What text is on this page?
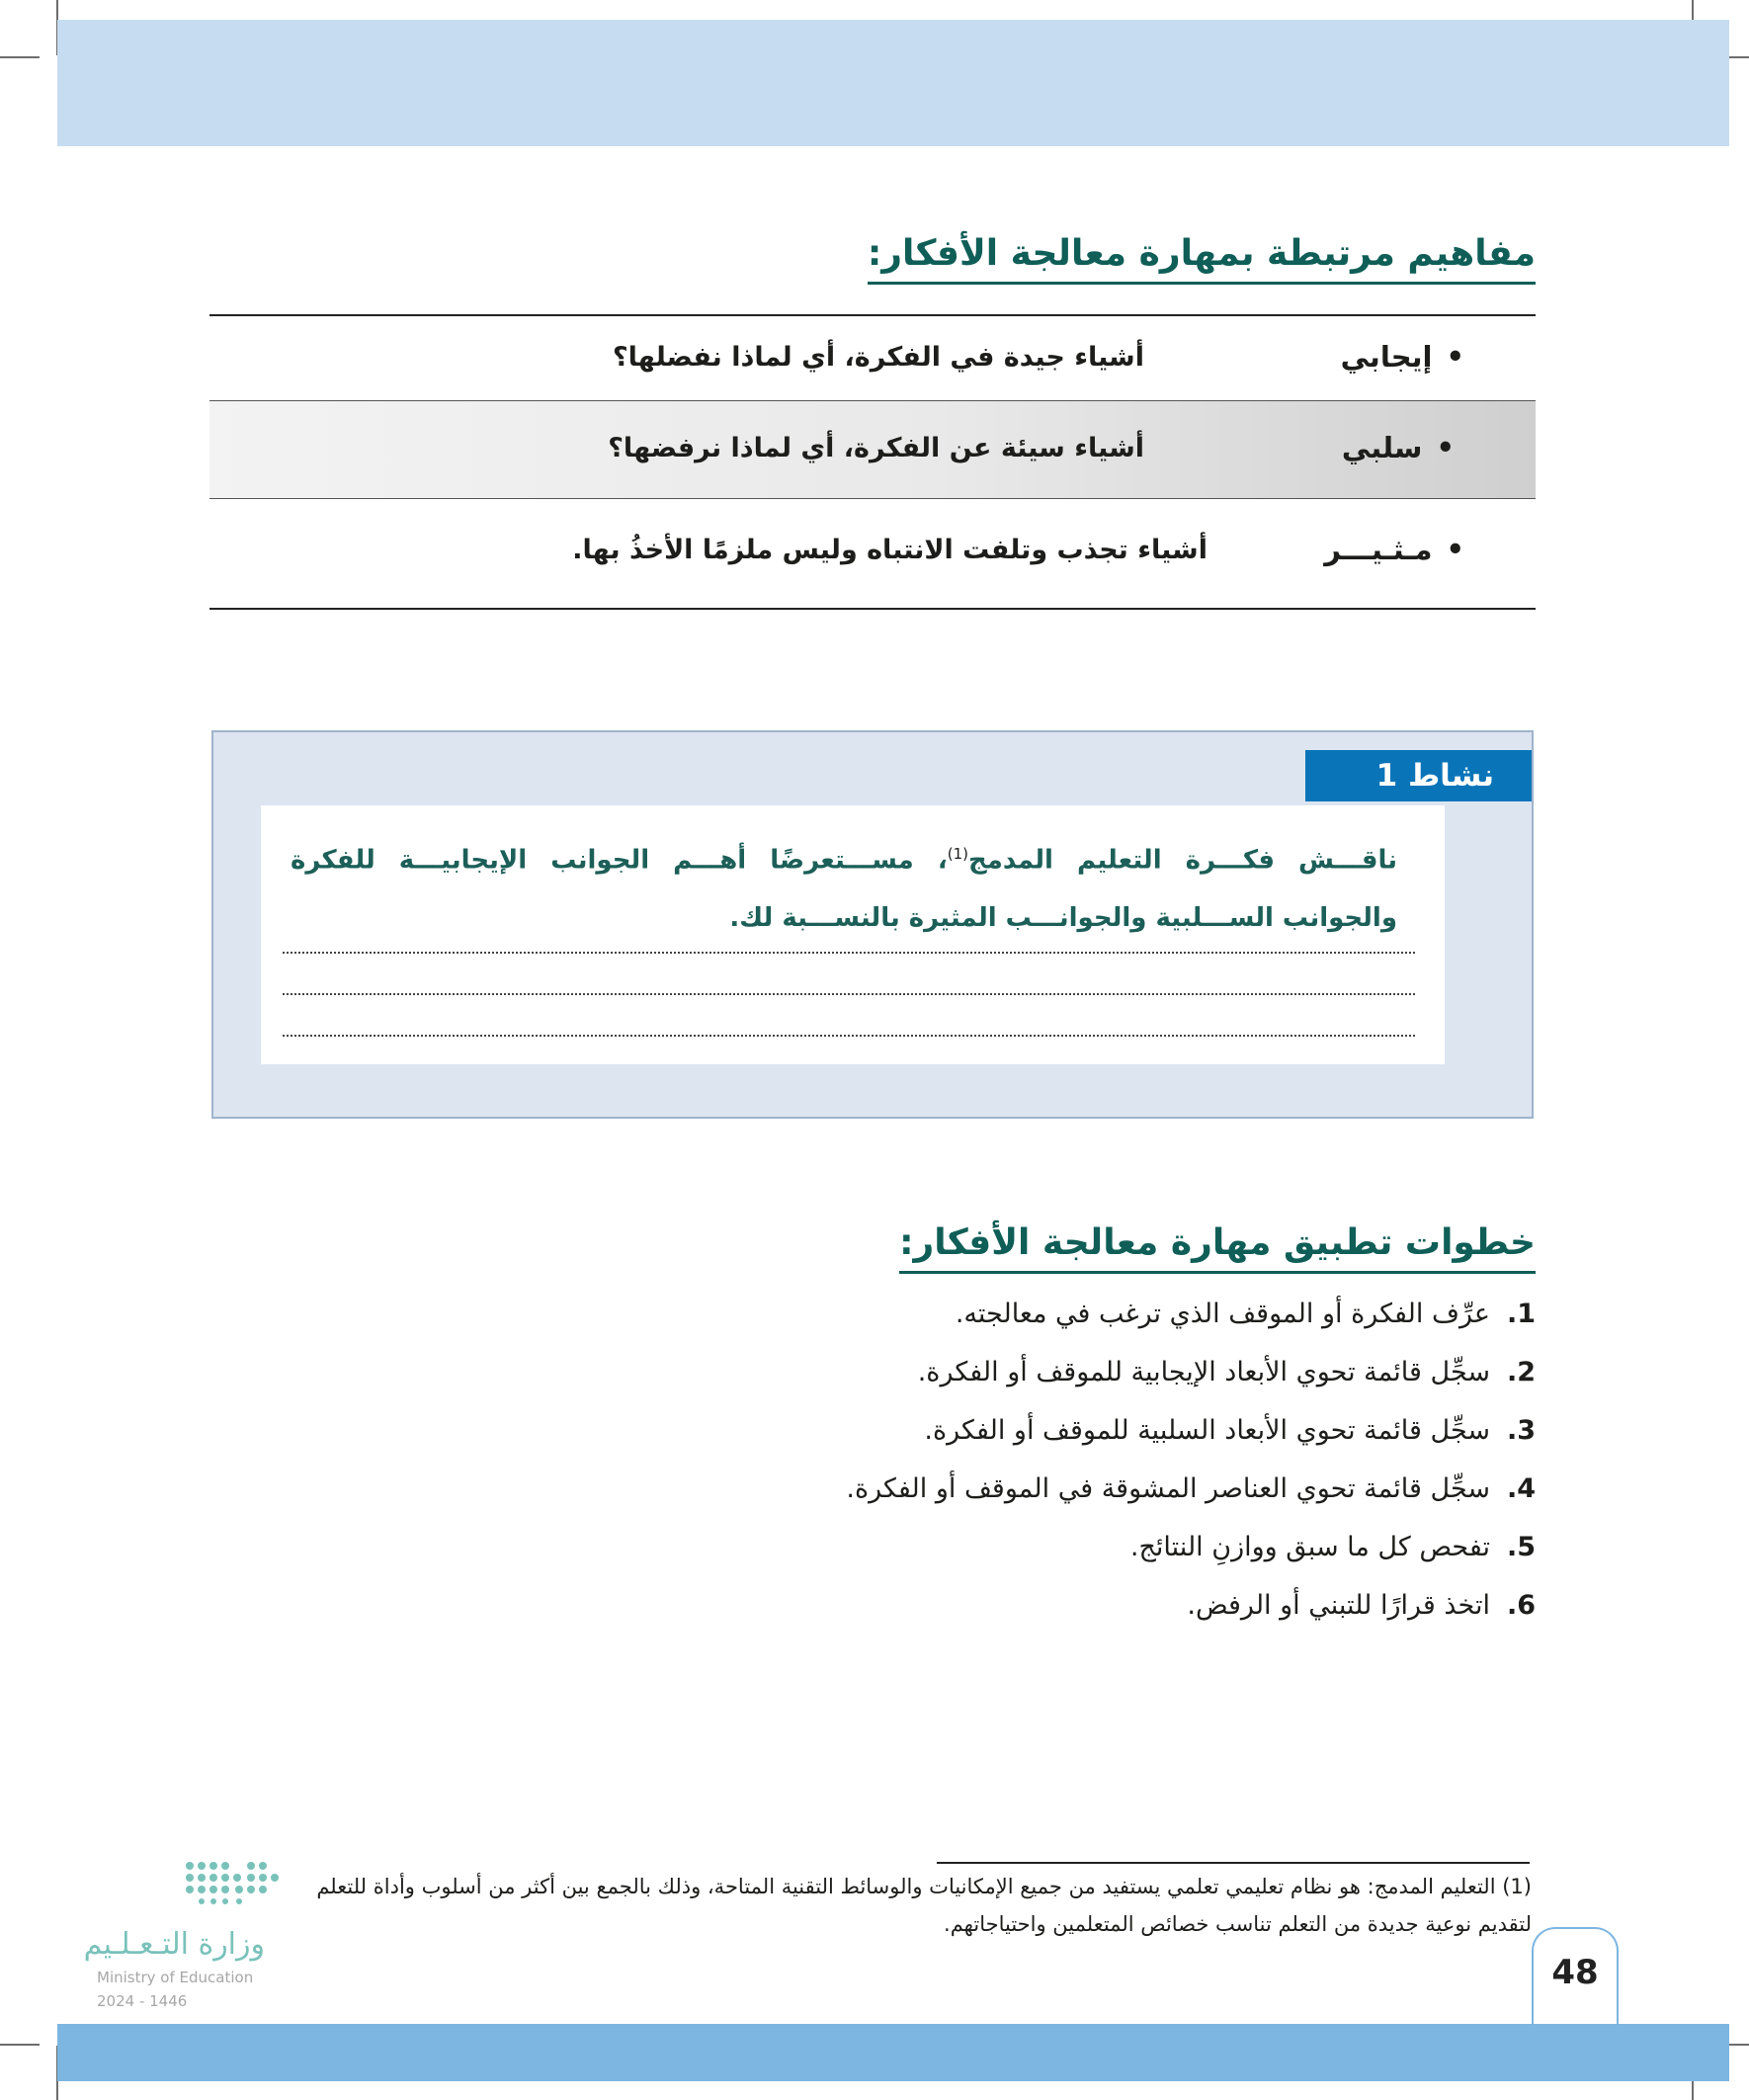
مفاهيم مرتبطة بمهارة معالجة الأفكار:
•إيجابي
أشياء جيدة في الفكرة، أي لماذا نفضلها؟
•سلبي
أشياء سيئة عن الفكرة، أي لماذا نرفضها؟
•مـثـيـــر
أشياء تجذب وتلفت الانتباه وليس ملزمًا الأخذُ بها.
نشاط 1
ناقـــش فكـــرة التعليم المدمج$^{(1)}$، مســـتعرضًا أهـــم الجوانب الإيجابيـــة للفكرة والجوانب الســـلبية والجوانـــب المثيرة بالنســـبة لك.
خطوات تطبيق مهارة معالجة الأفكار:
1.
عرِّف الفكرة أو الموقف الذي ترغب في معالجته.
2.
سجِّل قائمة تحوي الأبعاد الإيجابية للموقف أو الفكرة.
3.
سجِّل قائمة تحوي الأبعاد السلبية للموقف أو الفكرة.
4.
سجِّل قائمة تحوي العناصر المشوقة في الموقف أو الفكرة.
5.
تفحص كل ما سبق ووازنِ النتائج.
6.
اتخذ قرارًا للتبني أو الرفض.
(1) التعليم المدمج: هو نظام تعليمي تعلمي يستفيد من جميع الإمكانيات والوسائط التقنية المتاحة، وذلك بالجمع بين أكثر من أسلوب وأداة للتعلم
لتقديم نوعية جديدة من التعلم تناسب خصائص المتعلمين واحتياجاتهم.
وزارة التـعـلـيم
Ministry of Education
2024 - 1446
48
